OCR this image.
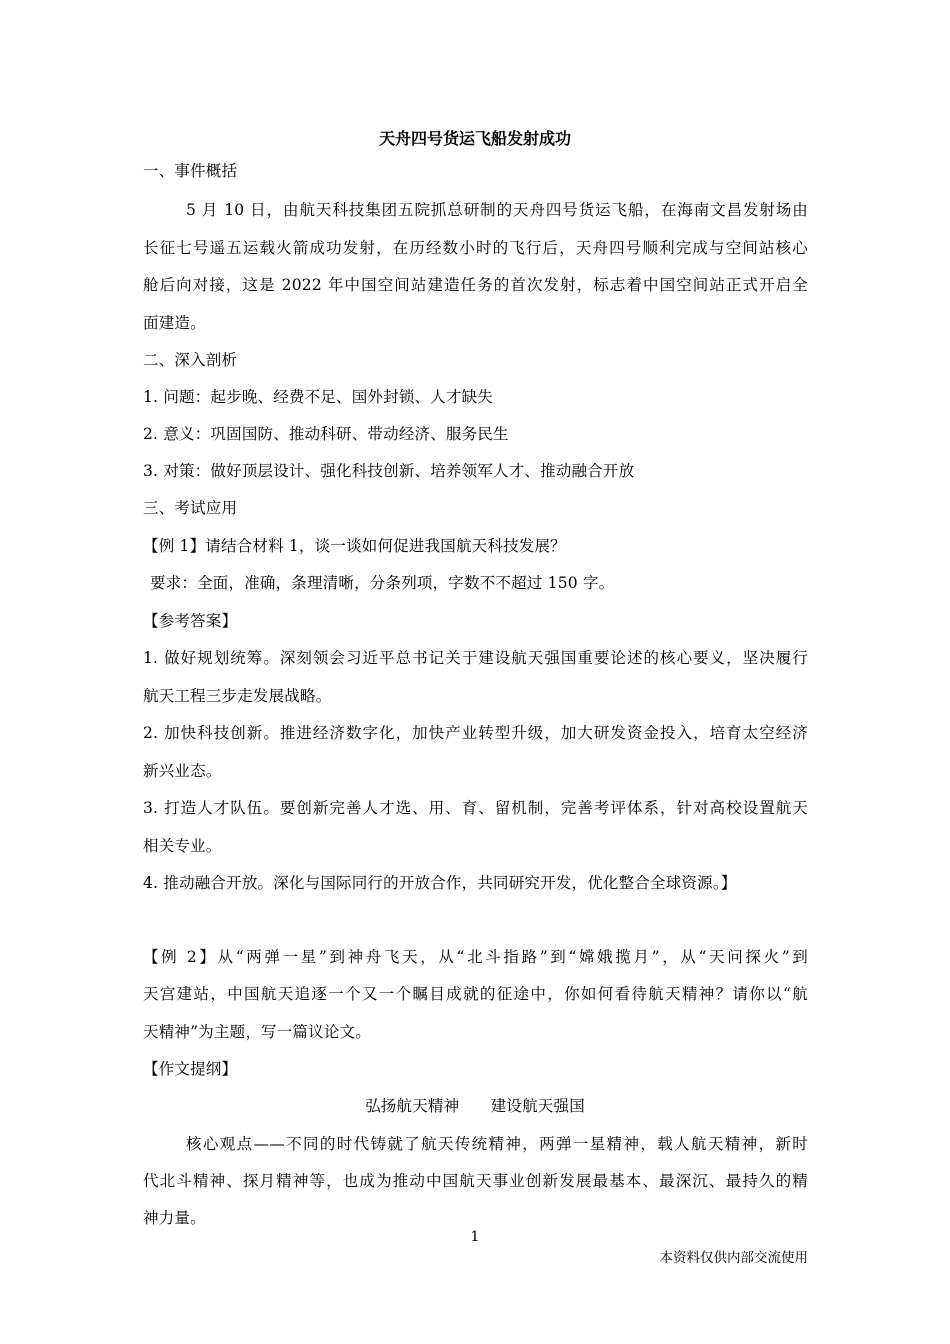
天舟四号货运飞船发射成功
一、事件概括
5 月 10 日，由航天科技集团五院抓总研制的天舟四号货运飞船，在海南文昌发射场由
长征七号遥五运载火箭成功发射，在历经数小时的飞行后，天舟四号顺利完成与空间站核心
舱后向对接，这是 2022 年中国空间站建造任务的首次发射，标志着中国空间站正式开启全
面建造。
二、深入剖析
1. 问题：起步晚、经费不足、国外封锁、人才缺失
2. 意义：巩固国防、推动科研、带动经济、服务民生
3. 对策：做好顶层设计、强化科技创新、培养领军人才、推动融合开放
三、考试应用
【例 1】请结合材料 1，谈一谈如何促进我国航天科技发展？
要求：全面，准确，条理清晰，分条列项，字数不不超过 150 字。
【参考答案】
1. 做好规划统筹。深刻领会习近平总书记关于建设航天强国重要论述的核心要义，坚决履行
航天工程三步走发展战略。
2. 加快科技创新。推进经济数字化，加快产业转型升级，加大研发资金投入，培育太空经济
新兴业态。
3. 打造人才队伍。要创新完善人才选、用、育、留机制，完善考评体系，针对高校设置航天
相关专业。
4. 推动融合开放。深化与国际同行的开放合作，共同研究开发，优化整合全球资源。】
【例 2】从“两弹一星”到神舟飞天，从“北斗指路”到“嫦娥揽月”，从“天问探火”到
天宫建站，中国航天追逐一个又一个瞩目成就的征途中，你如何看待航天精神？请你以“航
天精神”为主题，写一篇议论文。
【作文提纲】
弘扬航天精神　　建设航天强国
核心观点——不同的时代铸就了航天传统精神，两弹一星精神，载人航天精神，新时
代北斗精神、探月精神等，也成为推动中国航天事业创新发展最基本、最深沉、最持久的精
神力量。
1
本资料仅供内部交流使用
